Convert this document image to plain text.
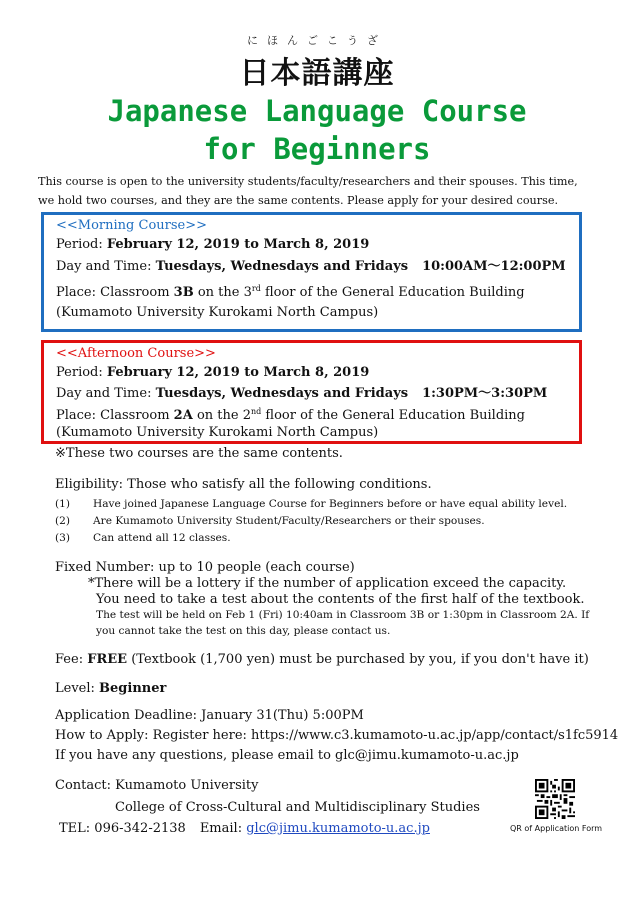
にほんごこうざ
日本語講座
Japanese Language Course
for Beginners
This course is open to the university students/faculty/researchers and their spouses. This time, we hold two courses, and they are the same contents. Please apply for your desired course.
<<Morning Course>>
Period: February 12, 2019 to March 8, 2019
Day and Time: Tuesdays, Wednesdays and Fridays 10:00AM〜12:00PM
Place: Classroom 3B on the 3rd floor of the General Education Building
(Kumamoto University Kurokami North Campus)
<<Afternoon Course>>
Period: February 12, 2019 to March 8, 2019
Day and Time: Tuesdays, Wednesdays and Fridays 1:30PM〜3:30PM
Place: Classroom 2A on the 2nd floor of the General Education Building
(Kumamoto University Kurokami North Campus)
※These two courses are the same contents.
Eligibility: Those who satisfy all the following conditions.
(1) Have joined Japanese Language Course for Beginners before or have equal ability level.
(2) Are Kumamoto University Student/Faculty/Researchers or their spouses.
(3) Can attend all 12 classes.
Fixed Number: up to 10 people (each course)
*There will be a lottery if the number of application exceed the capacity.
You need to take a test about the contents of the first half of the textbook.
The test will be held on Feb 1 (Fri) 10:40am in Classroom 3B or 1:30pm in Classroom 2A. If you cannot take the test on this day, please contact us.
Fee: FREE (Textbook (1,700 yen) must be purchased by you, if you don't have it)
Level: Beginner
Application Deadline: January 31(Thu) 5:00PM
How to Apply: Register here: https://www.c3.kumamoto-u.ac.jp/app/contact/s1fc5914
If you have any questions, please email to glc@jimu.kumamoto-u.ac.jp
Contact: Kumamoto University
College of Cross-Cultural and Multidisciplinary Studies
TEL: 096-342-2138 Email: glc@jimu.kumamoto-u.ac.jp	QR of Application Form
